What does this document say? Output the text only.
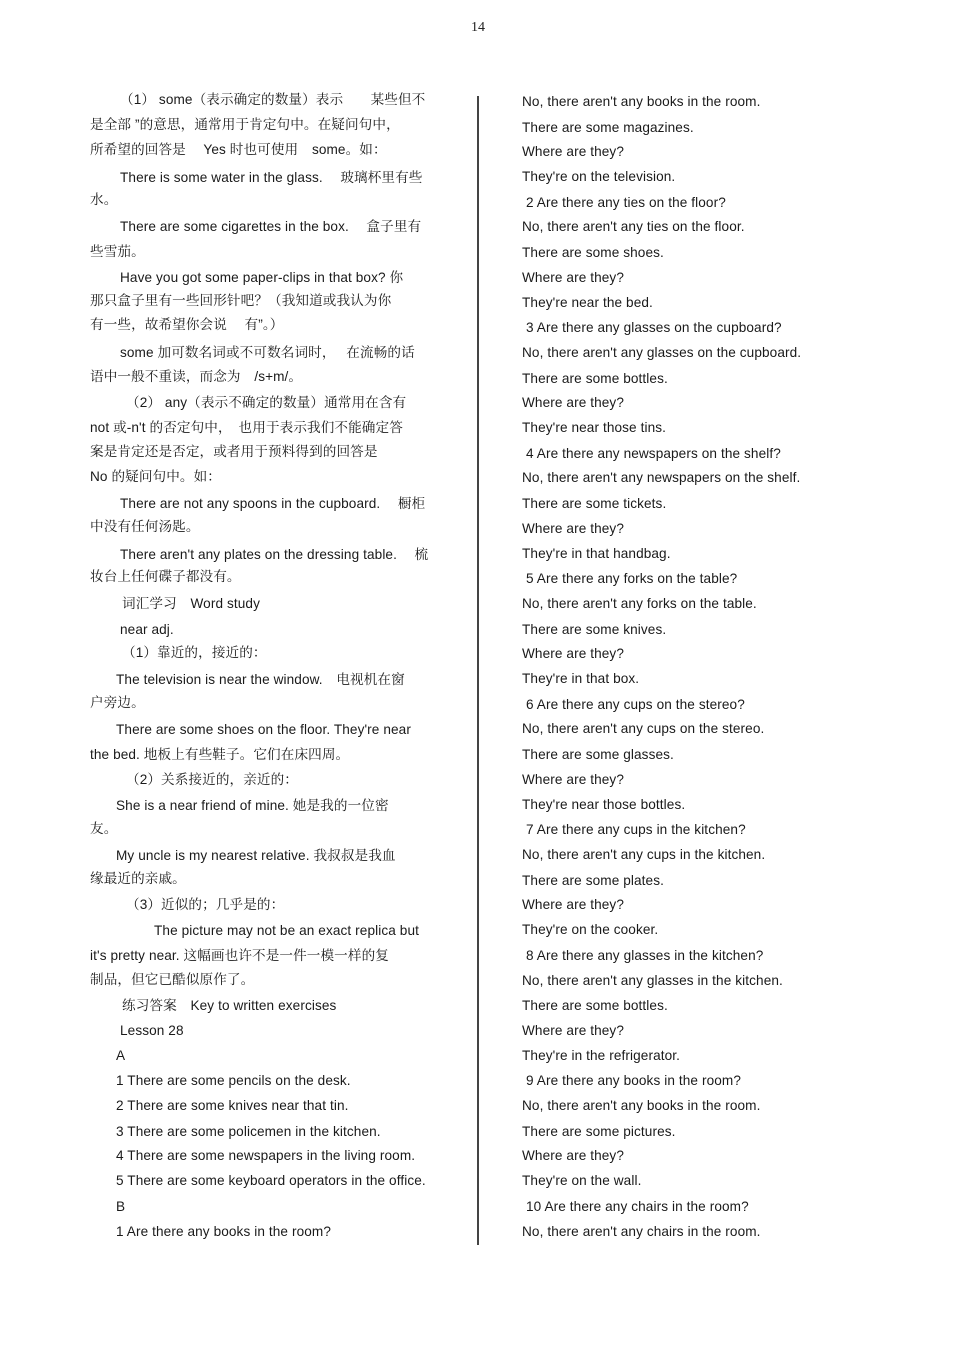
14
（1） some（表示确定的数量）表示　　某些但不
是全部 ”的意思，通常用于肯定句中。在疑问句中，
所希望的回答是　 Yes 时也可使用　some。如：
There is some water in the glass.　 玻璃杯里有些
水。
There are some cigarettes in the box.　 盒子里有
些雪茄。
Have you got some paper-clips in that box? 你
那只盒子里有一些回形针吧？（我知道或我认为你
有一些，故希望你会说　 有”。）
some 加可数名词或不可数名词时，　 在流畅的话
语中一般不重读，而念为　/s+m/。
（2） any（表示不确定的数量）通常用在含有
not 或-n't 的否定句中，　也用于表示我们不能确定答
案是肯定还是否定，或者用于预料得到的回答是
No 的疑问句中。如：
There are not any spoons in the cupboard.　 橱柜
中没有任何汤匙。
There aren't any plates on the dressing table.　 梳
妆台上任何碟子都没有。
词汇学习　Word study
near adj.
（1）靠近的，接近的：
The television is near the window.　电视机在窗
户旁边。
There are some shoes on the floor. They're near
the bed. 地板上有些鞋子。它们在床四周。
（2）关系接近的，亲近的：
She is a near friend of mine. 她是我的一位密
友。
My uncle is my nearest relative. 我叔叔是我血
缘最近的亲戚。
（3）近似的；几乎是的：
The picture may not be an exact replica but
it's pretty near. 这幅画也许不是一件一模一样的复
制品，但它已酷似原作了。
练习答案　Key to written exercises
Lesson 28
A
1 There are some pencils on the desk.
2 There are some knives near that tin.
3 There are some policemen in the kitchen.
4 There are some newspapers in the living room.
5 There are some keyboard operators in the office.
B
1 Are there any books in the room?
No, there aren't any books in the room.
There are some magazines.
Where are they?
They're on the television.
2 Are there any ties on the floor?
No, there aren't any ties on the floor.
There are some shoes.
Where are they?
They're near the bed.
3 Are there any glasses on the cupboard?
No, there aren't any glasses on the cupboard.
There are some bottles.
Where are they?
They're near those tins.
4 Are there any newspapers on the shelf?
No, there aren't any newspapers on the shelf.
There are some tickets.
Where are they?
They're in that handbag.
5 Are there any forks on the table?
No, there aren't any forks on the table.
There are some knives.
Where are they?
They're in that box.
6 Are there any cups on the stereo?
No, there aren't any cups on the stereo.
There are some glasses.
Where are they?
They're near those bottles.
7 Are there any cups in the kitchen?
No, there aren't any cups in the kitchen.
There are some plates.
Where are they?
They're on the cooker.
8 Are there any glasses in the kitchen?
No, there aren't any glasses in the kitchen.
There are some bottles.
Where are they?
They're in the refrigerator.
9 Are there any books in the room?
No, there aren't any books in the room.
There are some pictures.
Where are they?
They're on the wall.
10 Are there any chairs in the room?
No, there aren't any chairs in the room.
